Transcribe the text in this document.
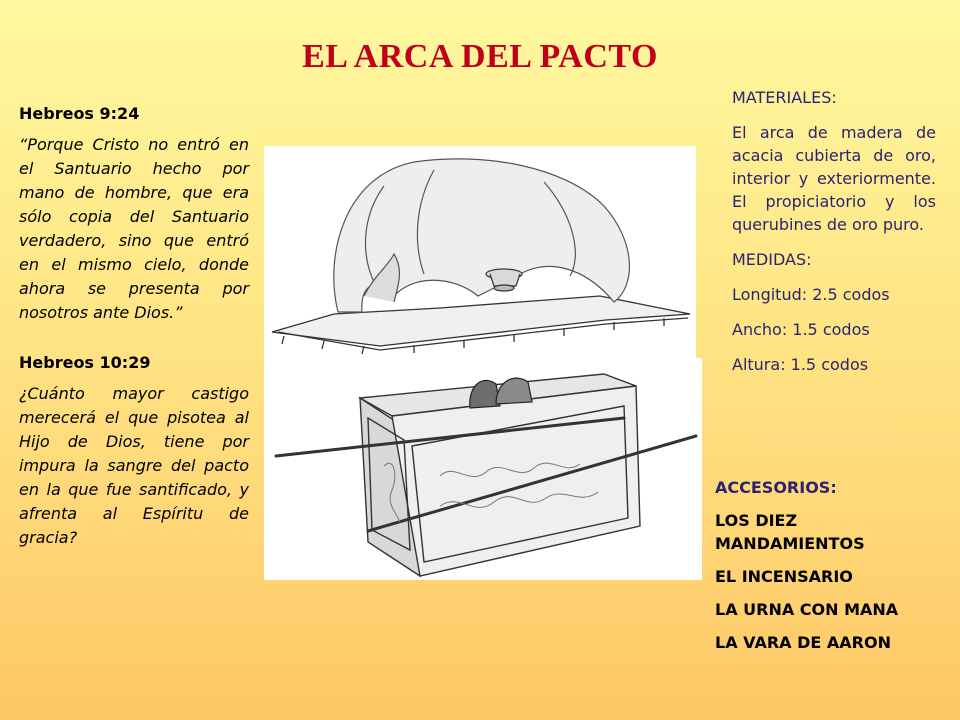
EL ARCA DEL PACTO

Hebreos 9:24

“Porque Cristo no entró en el Santuario hecho por mano de hombre, que era sólo copia del Santuario verdadero, sino que entró en el mismo cielo, donde ahora se presenta por nosotros ante Dios.”

Hebreos 10:29

¿Cuánto mayor castigo merecerá el que pisotea al Hijo de Dios, tiene por impura la sangre del pacto en la que fue santificado, y afrenta al Espíritu de gracia?

MATERIALES:

El arca de madera de acacia cubierta de oro, interior y exteriormente. El propiciatorio y los querubines de oro puro.

MEDIDAS:

Longitud: 2.5 codos

Ancho: 1.5 codos

Altura: 1.5 codos

ACCESORIOS:
LOS DIEZ MANDAMIENTOS
EL INCENSARIO
LA URNA CON MANA
LA VARA DE AARON
